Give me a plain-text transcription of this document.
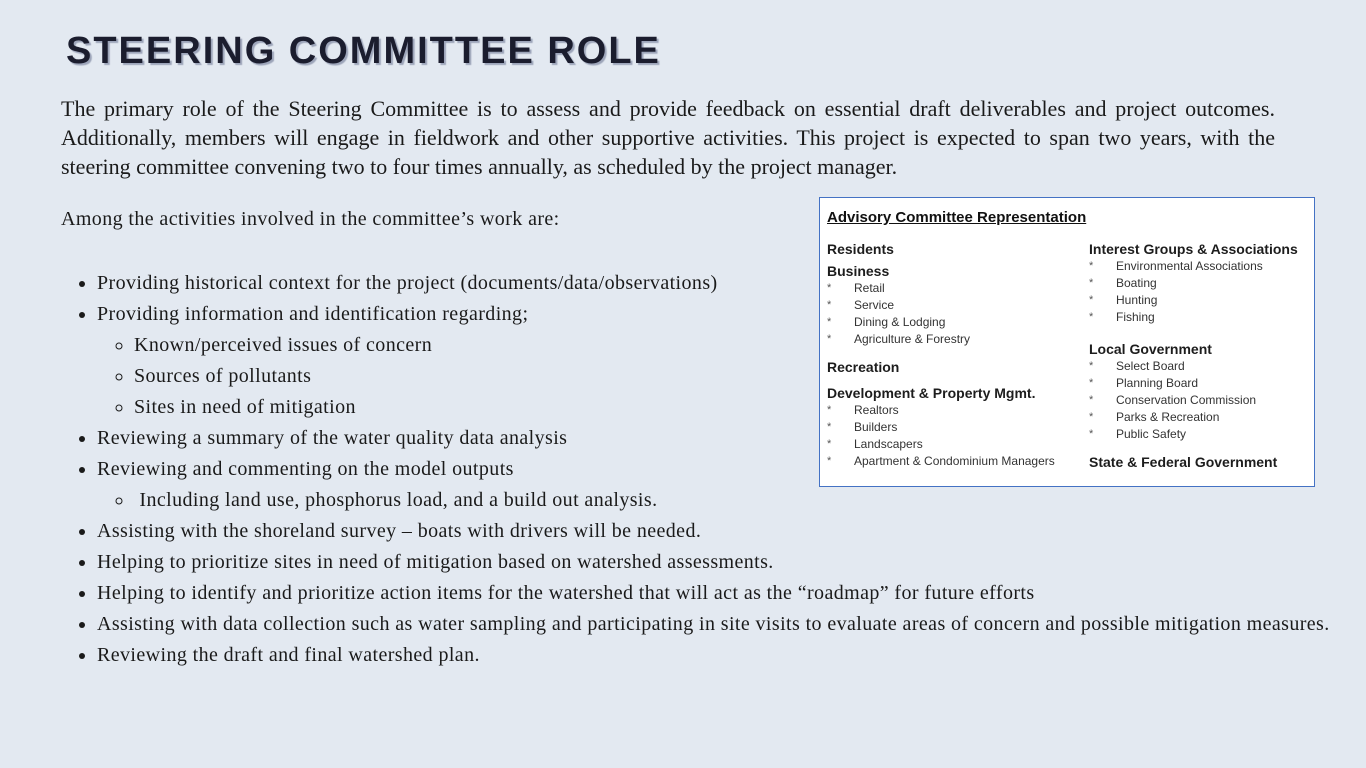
STEERING COMMITTEE ROLE

The primary role of the Steering Committee is to assess and provide feedback on essential draft deliverables and project outcomes. Additionally, members will engage in fieldwork and other supportive activities. This project is expected to span two years, with the steering committee convening two to four times annually, as scheduled by the project manager.

Among the activities involved in the committee’s work are:

• Providing historical context for the project (documents/data/observations)
• Providing information and identification regarding;
◦ Known/perceived issues of concern
◦ Sources of pollutants
◦ Sites in need of mitigation
• Reviewing a summary of the water quality data analysis
• Reviewing and commenting on the model outputs
◦ Including land use, phosphorus load, and a build out analysis.
• Assisting with the shoreland survey – boats with drivers will be needed.
• Helping to prioritize sites in need of mitigation based on watershed assessments.
• Helping to identify and prioritize action items for the watershed that will act as the “roadmap” for future efforts
• Assisting with data collection such as water sampling and participating in site visits to evaluate areas of concern and possible mitigation measures.
• Reviewing the draft and final watershed plan.
Advisory Committee Representation
Residents
Business
* Retail
* Service
* Dining & Lodging
* Agriculture & Forestry
Recreation
Development & Property Mgmt.
* Realtors
* Builders
* Landscapers
* Apartment & Condominium Managers
Interest Groups & Associations
* Environmental Associations
* Boating
* Hunting
* Fishing
Local Government
* Select Board
* Planning Board
* Conservation Commission
* Parks & Recreation
* Public Safety
State & Federal Government
